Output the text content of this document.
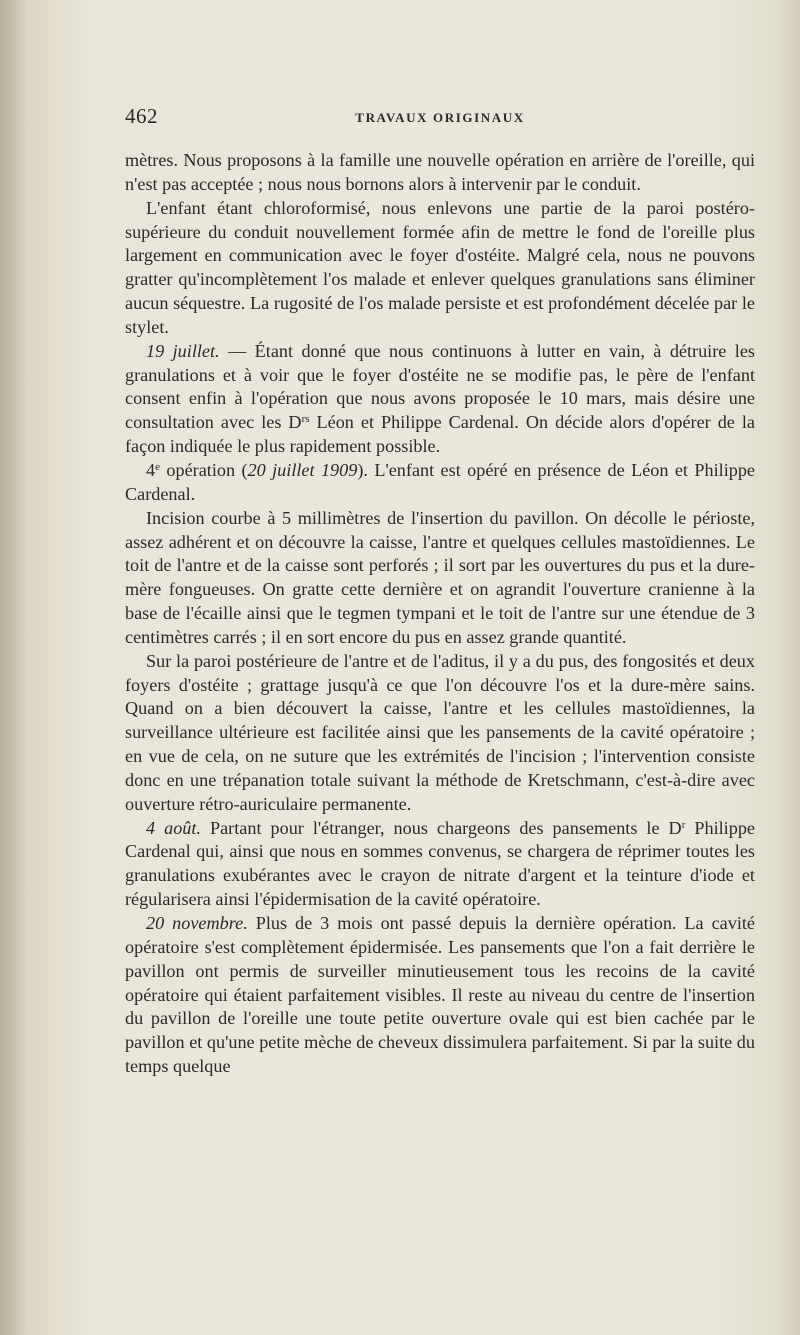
462	TRAVAUX ORIGINAUX

mètres. Nous proposons à la famille une nouvelle opération en arrière de l'oreille, qui n'est pas acceptée ; nous nous bornons alors à intervenir par le conduit.

L'enfant étant chloroformisé, nous enlevons une partie de la paroi postéro-supérieure du conduit nouvellement formée afin de mettre le fond de l'oreille plus largement en communication avec le foyer d'ostéite. Malgré cela, nous ne pouvons gratter qu'incomplètement l'os malade et enlever quelques granulations sans éliminer aucun séquestre. La rugosité de l'os malade persiste et est profondément décelée par le stylet.

19 juillet. — Étant donné que nous continuons à lutter en vain, à détruire les granulations et à voir que le foyer d'ostéite ne se modifie pas, le père de l'enfant consent enfin à l'opération que nous avons proposée le 10 mars, mais désire une consultation avec les $D^{rs}$ Léon et Philippe Cardenal. On décide alors d'opérer de la façon indiquée le plus rapidement possible.

4e opération (20 juillet 1909). L'enfant est opéré en présence de Léon et Philippe Cardenal.

Incision courbe à 5 millimètres de l'insertion du pavillon. On décolle le périoste, assez adhérent et on découvre la caisse, l'antre et quelques cellules mastoïdiennes. Le toit de l'antre et de la caisse sont perforés ; il sort par les ouvertures du pus et la dure-mère fongueuses. On gratte cette dernière et on agrandit l'ouverture cranienne à la base de l'écaille ainsi que le tegmen tympani et le toit de l'antre sur une étendue de 3 centimètres carrés ; il en sort encore du pus en assez grande quantité.

Sur la paroi postérieure de l'antre et de l'aditus, il y a du pus, des fongosités et deux foyers d'ostéite ; grattage jusqu'à ce que l'on découvre l'os et la dure-mère sains. Quand on a bien découvert la caisse, l'antre et les cellules mastoïdiennes, la surveillance ultérieure est facilitée ainsi que les pansements de la cavité opératoire ; en vue de cela, on ne suture que les extrémités de l'incision ; l'intervention consiste donc en une trépanation totale suivant la méthode de Kretschmann, c'est-à-dire avec ouverture rétro-auriculaire permanente.

4 août. Partant pour l'étranger, nous chargeons des pansements le $D^r$ Philippe Cardenal qui, ainsi que nous en sommes convenus, se chargera de réprimer toutes les granulations exubérantes avec le crayon de nitrate d'argent et la teinture d'iode et régularisera ainsi l'épidermisation de la cavité opératoire.

20 novembre. Plus de 3 mois ont passé depuis la dernière opération. La cavité opératoire s'est complètement épidermisée. Les pansements que l'on a fait derrière le pavillon ont permis de surveiller minutieusement tous les recoins de la cavité opératoire qui étaient parfaitement visibles. Il reste au niveau du centre de l'insertion du pavillon de l'oreille une toute petite ouverture ovale qui est bien cachée par le pavillon et qu'une petite mèche de cheveux dissimulera parfaitement. Si par la suite du temps quelque
